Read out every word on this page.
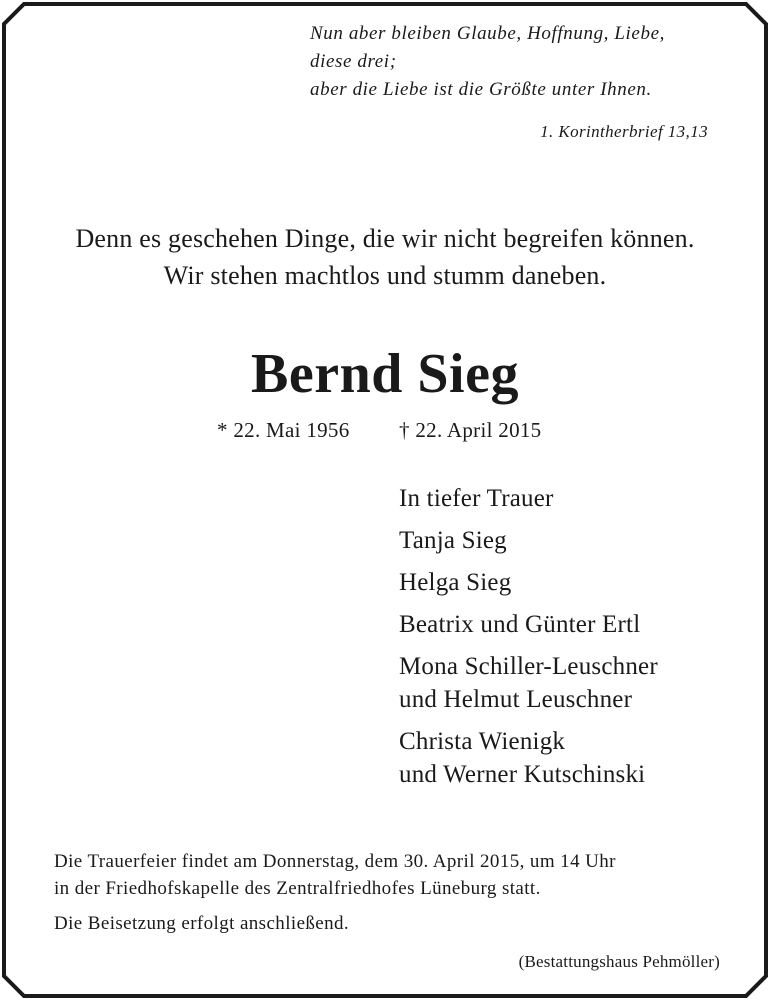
Nun aber bleiben Glaube, Hoffnung, Liebe,
diese drei;
aber die Liebe ist die Größte unter Ihnen.
1. Korintherbrief 13,13
Denn es geschehen Dinge, die wir nicht begreifen können.
Wir stehen machtlos und stumm daneben.
Bernd Sieg
* 22. Mai 1956 † 22. April 2015
In tiefer Trauer
Tanja Sieg
Helga Sieg
Beatrix und Günter Ertl
Mona Schiller-Leuschner
und Helmut Leuschner
Christa Wienigk
und Werner Kutschinski
Die Trauerfeier findet am Donnerstag, dem 30. April 2015, um 14 Uhr
in der Friedhofskapelle des Zentralfriedhofes Lüneburg statt.
Die Beisetzung erfolgt anschließend.
(Bestattungshaus Pehmöller)
